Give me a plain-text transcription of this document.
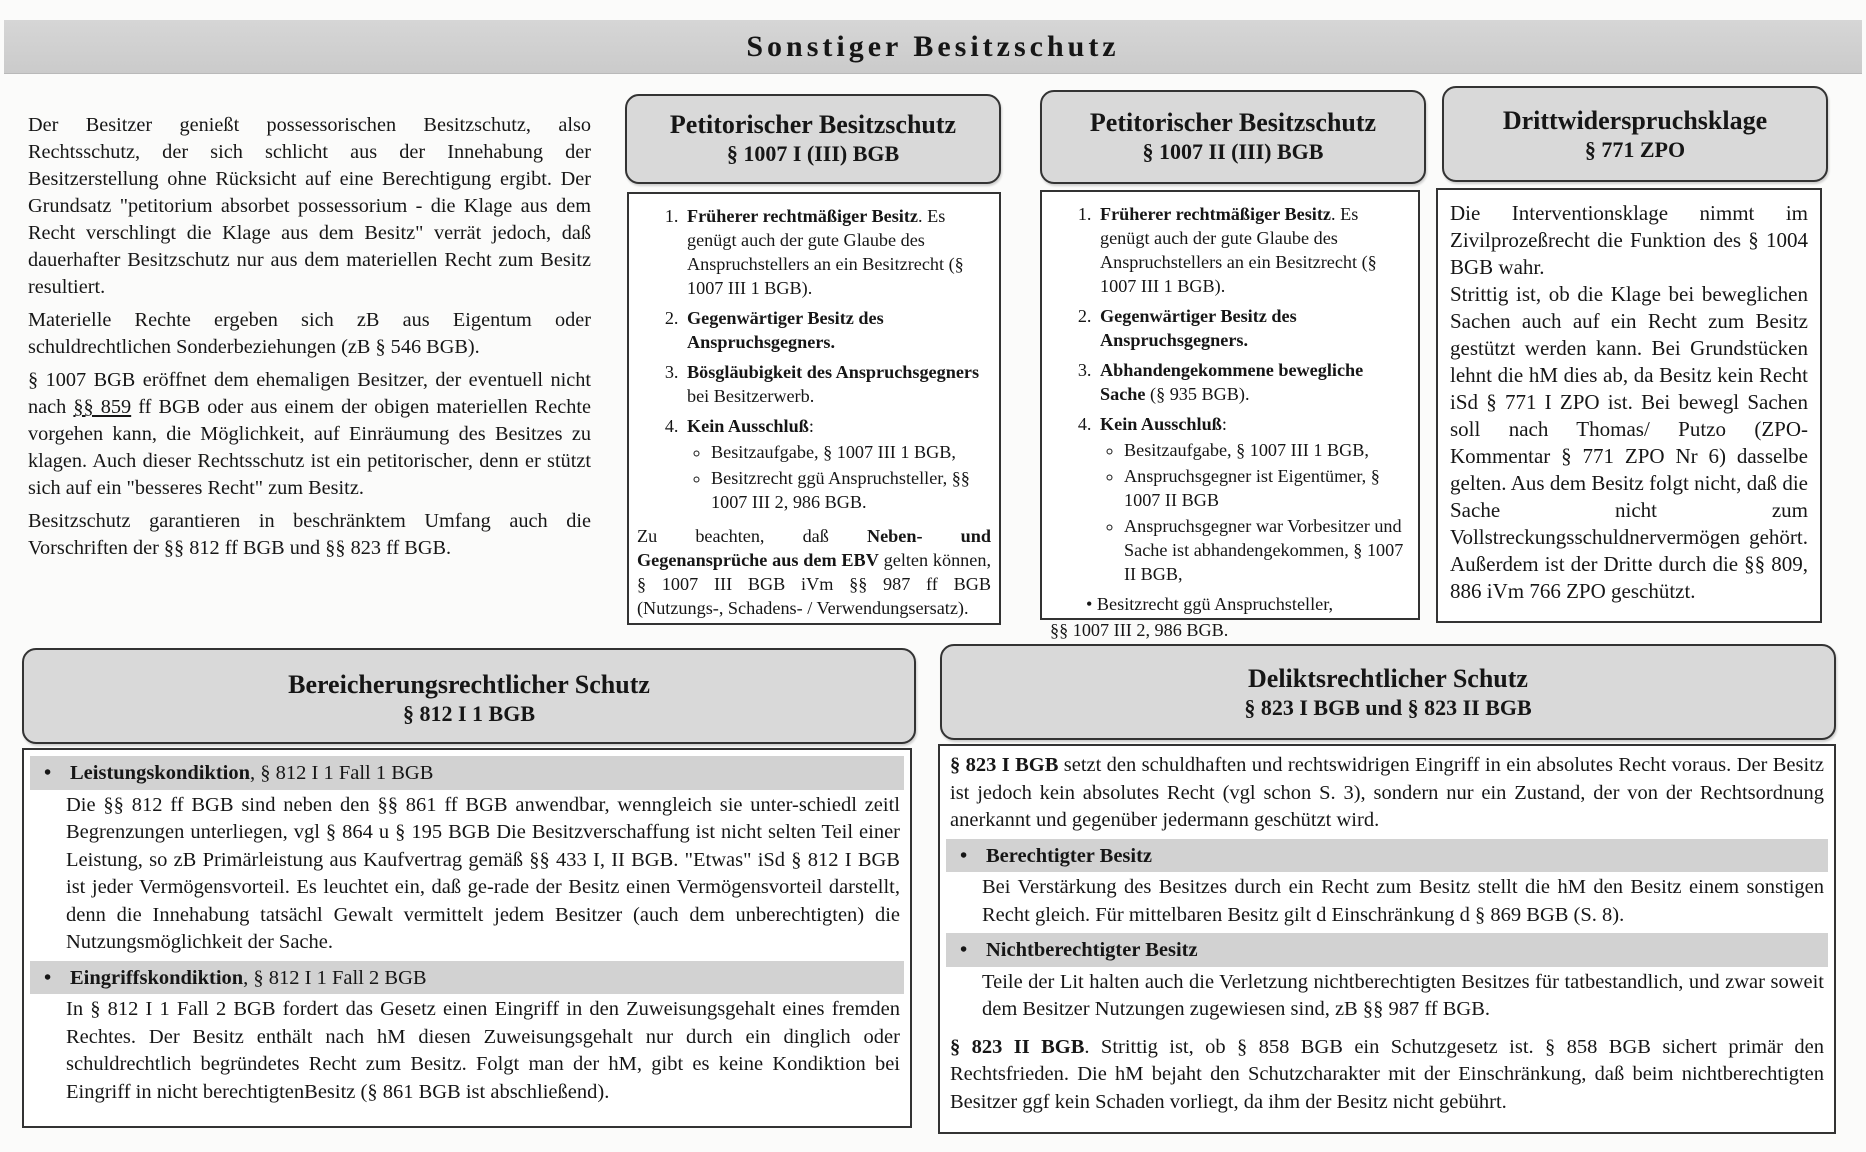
Sonstiger Besitzschutz

Der Besitzer genießt possessorischen Besitzschutz, also Rechtsschutz, der sich schlicht aus der Innehabung der Besitzerstellung ohne Rücksicht auf eine Berechtigung ergibt. Der Grundsatz "petitorium absorbet possessorium - die Klage aus dem Recht verschlingt die Klage aus dem Besitz" verrät jedoch, daß dauerhafter Besitzschutz nur aus dem materiellen Recht zum Besitz resultiert.

Materielle Rechte ergeben sich zB aus Eigentum oder schuldrechtlichen Sonderbeziehungen (zB § 546 BGB).

§ 1007 BGB eröffnet dem ehemaligen Besitzer, der eventuell nicht nach §§ 859 ff BGB oder aus einem der obigen materiellen Rechte vorgehen kann, die Möglichkeit, auf Einräumung des Besitzes zu klagen. Auch dieser Rechtsschutz ist ein petitorischer, denn er stützt sich auf ein "besseres Recht" zum Besitz.

Besitzschutz garantieren in beschränktem Umfang auch die Vorschriften der §§ 812 ff BGB und §§ 823 ff BGB.

Petitorischer Besitzschutz
§ 1007 I (III) BGB
1. Früherer rechtmäßiger Besitz. Es genügt auch der gute Glaube des Anspruchstellers an ein Besitzrecht (§ 1007 III 1 BGB).
2. Gegenwärtiger Besitz des Anspruchsgegners.
3. Bösgläubigkeit des Anspruchsgegners bei Besitzerwerb.
4. Kein Ausschluß:
◦ Besitzaufgabe, § 1007 III 1 BGB,
◦ Besitzrecht ggü Anspruchsteller, §§ 1007 III 2, 986 BGB.

Zu beachten, daß Neben- und Gegenansprüche aus dem EBV gelten können, § 1007 III BGB iVm §§ 987 ff BGB (Nutzungs-, Schadens- / Verwendungsersatz).

Petitorischer Besitzschutz
§ 1007 II (III) BGB
1. Früherer rechtmäßiger Besitz. Es genügt auch der gute Glaube des Anspruchstellers an ein Besitzrecht (§ 1007 III 1 BGB).
2. Gegenwärtiger Besitz des Anspruchsgegners.
3. Abhandengekommene bewegliche Sache (§ 935 BGB).
4. Kein Ausschluß:
◦ Besitzaufgabe, § 1007 III 1 BGB,
◦ Anspruchsgegner ist Eigentümer, § 1007 II BGB
◦ Anspruchsgegner war Vorbesitzer und Sache ist abhandengekommen, § 1007 II BGB,
• Besitzrecht ggü Anspruchsteller,
§§ 1007 III 2, 986 BGB.
Drittwiderspruchsklage
§ 771 ZPO

Die Interventionsklage nimmt im Zivilprozeßrecht die Funktion des § 1004 BGB wahr.

Strittig ist, ob die Klage bei beweglichen Sachen auch auf ein Recht zum Besitz gestützt werden kann. Bei Grundstücken lehnt die hM dies ab, da Besitz kein Recht iSd § 771 I ZPO ist. Bei bewegl Sachen soll nach Thomas/ Putzo (ZPO-Kommentar § 771 ZPO Nr 6) dasselbe gelten. Aus dem Besitz folgt nicht, daß die Sache nicht zum Vollstreckungsschuldnervermögen gehört. Außerdem ist der Dritte durch die §§ 809, 886 iVm 766 ZPO geschützt.

Bereicherungsrechtlicher Schutz
§ 812 I 1 BGB
• Leistungskondiktion, § 812 I 1 Fall 1 BGB
Die §§ 812 ff BGB sind neben den §§ 861 ff BGB anwendbar, wenngleich sie unter-schiedl zeitl Begrenzungen unterliegen, vgl § 864 u § 195 BGB Die Besitzverschaffung ist nicht selten Teil einer Leistung, so zB Primärleistung aus Kaufvertrag gemäß §§ 433 I, II BGB. "Etwas" iSd § 812 I BGB ist jeder Vermögensvorteil. Es leuchtet ein, daß ge-rade der Besitz einen Vermögensvorteil darstellt, denn die Innehabung tatsächl Gewalt vermittelt jedem Besitzer (auch dem unberechtigten) die Nutzungsmöglichkeit der Sache.
• Eingriffskondiktion, § 812 I 1 Fall 2 BGB
In § 812 I 1 Fall 2 BGB fordert das Gesetz einen Eingriff in den Zuweisungsgehalt eines fremden Rechtes. Der Besitz enthält nach hM diesen Zuweisungsgehalt nur durch ein dinglich oder schuldrechtlich begründetes Recht zum Besitz. Folgt man der hM, gibt es keine Kondiktion bei Eingriff in nicht berechtigtenBesitz (§ 861 BGB ist abschließend).
Deliktsrechtlicher Schutz
§ 823 I BGB und § 823 II BGB
§ 823 I BGB setzt den schuldhaften und rechtswidrigen Eingriff in ein absolutes Recht voraus. Der Besitz ist jedoch kein absolutes Recht (vgl schon S. 3), sondern nur ein Zustand, der von der Rechtsordnung anerkannt und gegenüber jedermann geschützt wird.
• Berechtigter Besitz
Bei Verstärkung des Besitzes durch ein Recht zum Besitz stellt die hM den Besitz einem sonstigen Recht gleich. Für mittelbaren Besitz gilt d Einschränkung d § 869 BGB (S. 8).
• Nichtberechtigter Besitz
Teile der Lit halten auch die Verletzung nichtberechtigten Besitzes für tatbestandlich, und zwar soweit dem Besitzer Nutzungen zugewiesen sind, zB §§ 987 ff BGB.
§ 823 II BGB. Strittig ist, ob § 858 BGB ein Schutzgesetz ist. § 858 BGB sichert primär den Rechtsfrieden. Die hM bejaht den Schutzcharakter mit der Einschränkung, daß beim nichtberechtigten Besitzer ggf kein Schaden vorliegt, da ihm der Besitz nicht gebührt.
